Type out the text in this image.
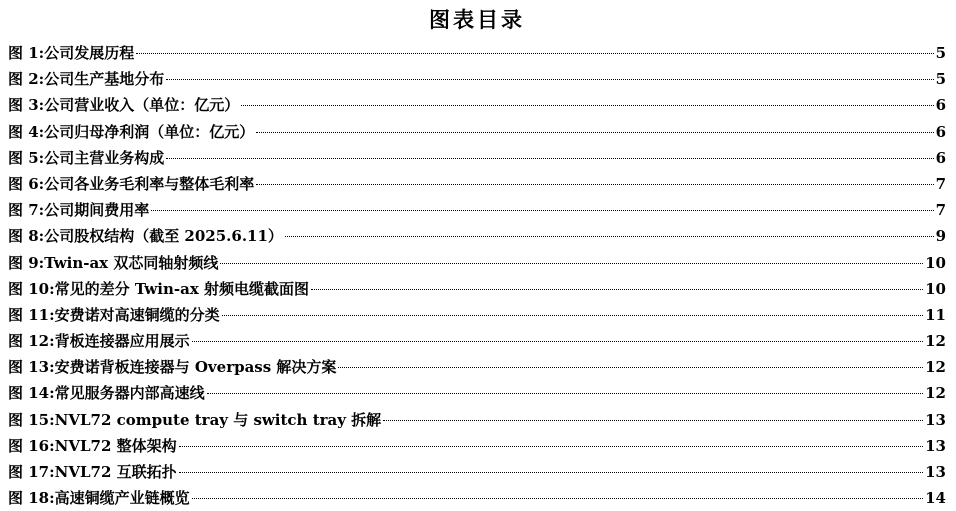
图表目录
图 1: 公司发展历程	5
图 2: 公司生产基地分布	5
图 3: 公司营业收入（单位：亿元）	6
图 4: 公司归母净利润（单位：亿元）	6
图 5: 公司主营业务构成	6
图 6: 公司各业务毛利率与整体毛利率	7
图 7: 公司期间费用率	7
图 8: 公司股权结构（截至 2025.6.11）	9
图 9: Twin-ax 双芯同轴射频线	10
图 10: 常见的差分 Twin-ax 射频电缆截面图	10
图 11: 安费诺对高速铜缆的分类	11
图 12: 背板连接器应用展示	12
图 13: 安费诺背板连接器与 Overpass 解决方案	12
图 14: 常见服务器内部高速线	12
图 15: NVL72 compute tray 与 switch tray 拆解	13
图 16: NVL72 整体架构	13
图 17: NVL72 互联拓扑	13
图 18: 高速铜缆产业链概览	14
